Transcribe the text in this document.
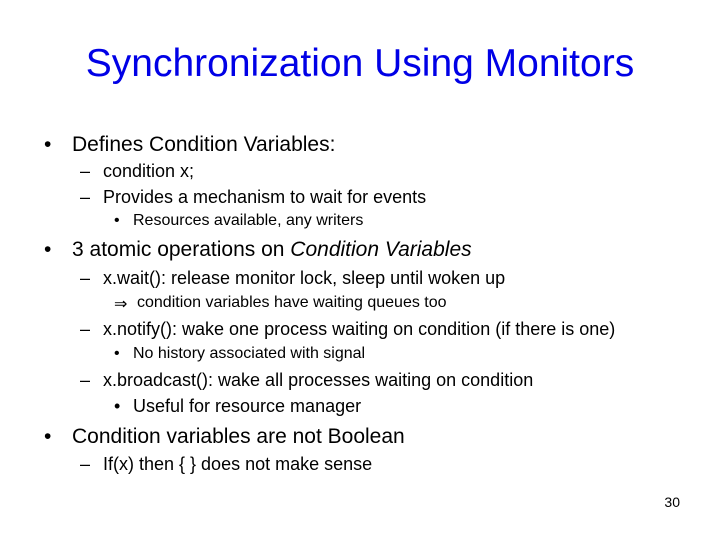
Synchronization Using Monitors
• Defines Condition Variables:
– condition x;
– Provides a mechanism to wait for events
• Resources available, any writers
• 3 atomic operations on Condition Variables
– x.wait(): release monitor lock, sleep until woken up
⇒ condition variables have waiting queues too
– x.notify(): wake one process waiting on condition (if there is one)
• No history associated with signal
– x.broadcast(): wake all processes waiting on condition
• Useful for resource manager
• Condition variables are not Boolean
– If(x) then { } does not make sense
30
